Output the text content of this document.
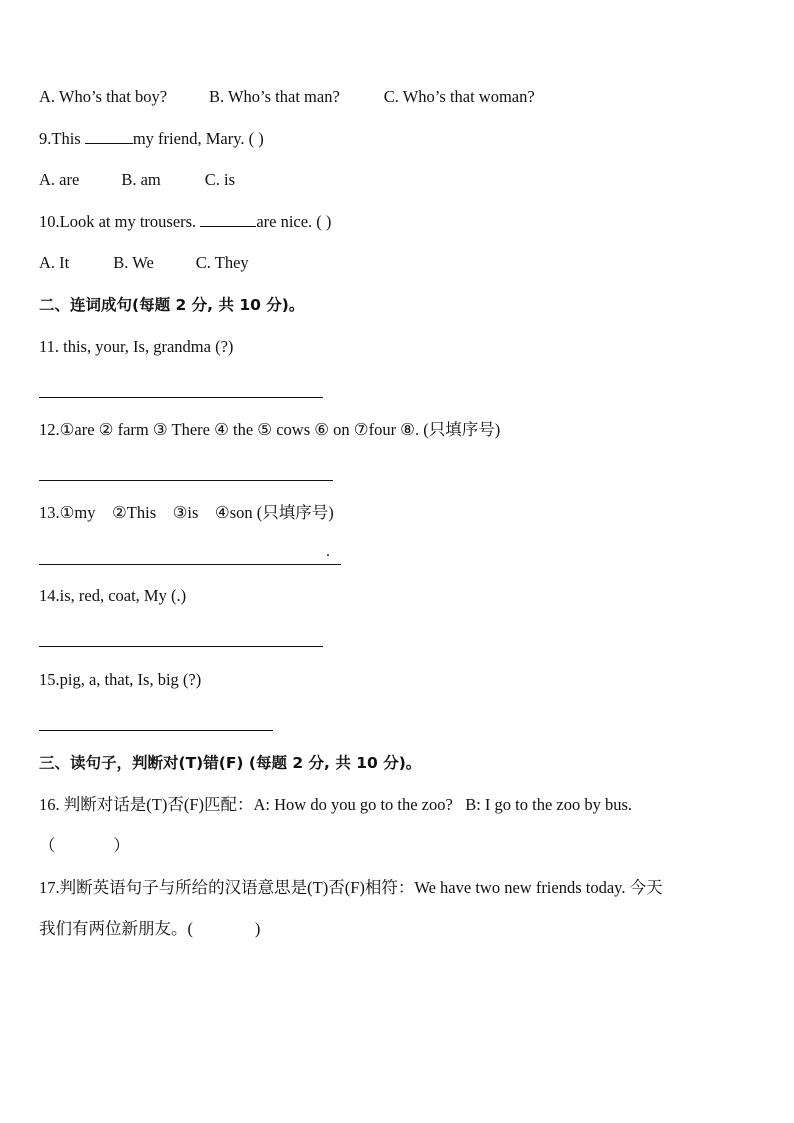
A. Who’s that boy?	B. Who’s that man?	C. Who’s that woman?
9.This	my friend, Mary. ( )
A. are	B. am	C. is
10.Look at my trousers.	are nice. ( )
A. It	B. We	C. They
二、连词成句(每题 2 分, 共 10 分)。
11. this, your, Is, grandma (?)
12.①are ② farm ③ There ④ the ⑤ cows ⑥ on ⑦four ⑧. (只填序号)
13.①my    ②This    ③is    ④son (只填序号)
.
14.is, red, coat, My (.)
15.pig, a, that, Is, big (?)
三、读句子，判断对(T)错(F) (每题 2 分, 共 10 分)。
16. 判断对话是(T)否(F)匹配：A: How do you go to the zoo?   B: I go to the zoo by bus.
（              ）
17.判断英语句子与所给的汉语意思是(T)否(F)相符：We have two new friends today. 今天
我们有两位新朋友。(               )
